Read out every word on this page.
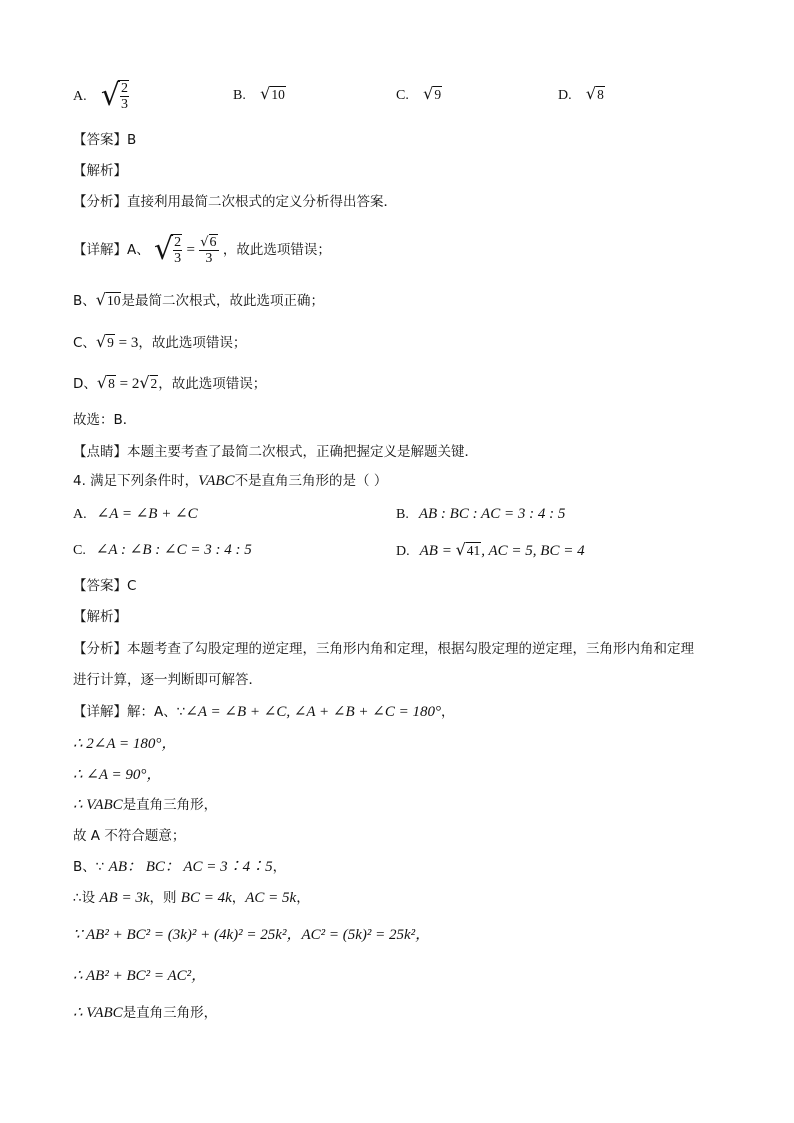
A. √ $\frac{2}{3}$	B. √10	C. √9	D. √8
【答案】B
【解析】
【分析】直接利用最简二次根式的定义分析得出答案．
【详解】A、 √ $\frac{2}{3} = \frac{√6}{3}$ ，故此选项错误；
B、√10是最简二次根式，故此选项正确；
C、√9 = 3，故此选项错误；
D、√8 = 2√2，故此选项错误；
故选：B．
【点睛】本题主要考查了最简二次根式，正确把握定义是解题关键．
4. 满足下列条件时，VABC不是直角三角形的是（ ）
A. ∠A = ∠B + ∠C	B. AB : BC : AC = 3 : 4 : 5
C. ∠A : ∠B : ∠C = 3 : 4 : 5	D. AB = √41, AC = 5, BC = 4
【答案】C
【解析】
【分析】本题考查了勾股定理的逆定理，三角形内角和定理，根据勾股定理的逆定理，三角形内角和定理
进行计算，逐一判断即可解答．
【详解】解：A、∵∠A = ∠B + ∠C, ∠A + ∠B + ∠C = 180°，
∴ 2∠A = 180°，
∴ ∠A = 90°，
∴ VABC是直角三角形，
故 A 不符合题意；
B、∵ AB： BC： AC = 3∶4∶5，
∴设 AB = 3k，则 BC = 4k，AC = 5k，
∵ AB² + BC² = (3k)² + (4k)² = 25k²，AC² = (5k)² = 25k²，
∴ AB² + BC² = AC²，
∴ VABC是直角三角形，
